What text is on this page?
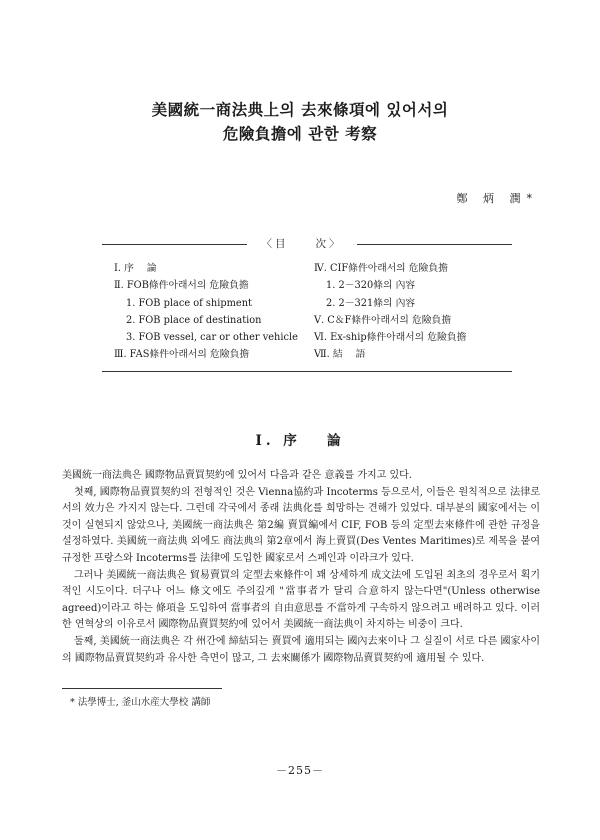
美國統一商法典上의 去來條項에 있어서의
危險負擔에 관한 考察
鄭 炳 潤*
〈目　　次〉
Ⅰ. 序　 論
Ⅱ. FOB條件아래서의 危險負擔
1. FOB place of shipment
2. FOB place of destination
3. FOB vessel, car or other vehicle
Ⅲ. FAS條件아래서의 危險負擔
Ⅳ. CIF條件아래서의 危險負擔
1. 2－320條의 內容
2. 2－321條의 內容
Ⅴ. C＆F條件아래서의 危險負擔
Ⅵ. Ex-ship條件아래서의 危險負擔
Ⅶ. 結　 語
Ⅰ. 序　 論

美國統一商法典은 國際物品賣買契約에 있어서 다음과 같은 意義를 가지고 있다.

첫째, 國際物品賣買契約의 전형적인 것은 Vienna協約과 Incoterms 등으로서, 이들은 원칙적으로 法律로서의 效力은 가지지 않는다. 그런데 각국에서 종래 法典化를 희망하는 견해가 있었다. 대부분의 國家에서는 이것이 실현되지 않았으나, 美國統一商法典은 第2編 賣買編에서 CIF, FOB 등의 定型去來條件에 관한 규정을 설정하였다. 美國統一商法典 외에도 商法典의 第2章에서 海上賣買(Des Ventes Maritimes)로 제목을 붙여 규정한 프랑스와 Incoterms를 法律에 도입한 國家로서 스페인과 이라크가 있다.

그러나 美國統一商法典은 貿易賣買의 定型去來條件이 꽤 상세하게 成文法에 도입된 최초의 경우로서 획기적인 시도이다. 더구나 어느 條文에도 주의깊게 "當事者가 달리 合意하지 않는다면"(Unless otherwise agreed)이라고 하는 條項을 도입하여 當事者의 自由意思를 不當하게 구속하지 않으려고 배려하고 있다. 이러한 연혁상의 이유로서 國際物品賣買契約에 있어서 美國統一商法典이 차지하는 비중이 크다.

둘째, 美國統一商法典은 각 州간에 締結되는 賣買에 適用되는 國內去來이나 그 실질이 서로 다른 國家사이의 國際物品賣買契約과 유사한 측면이 많고, 그 去來關係가 國際物品賣買契約에 適用될 수 있다.

* 法學博士, 釜山水産大學校 講師
－255－
